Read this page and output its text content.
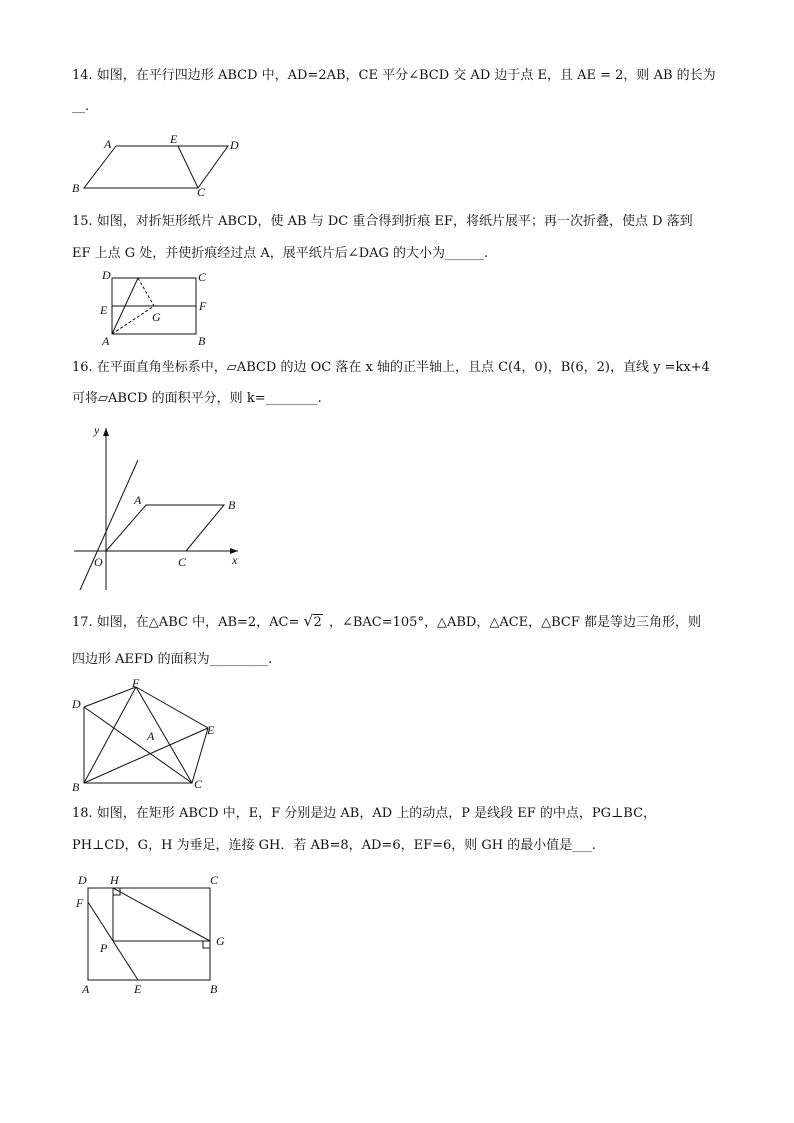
14. 如图，在平行四边形 ABCD 中，AD=2AB，CE 平分∠BCD 交 AD 边于点 E，且 AE = 2，则 AB 的长为
__.
A	E	D
B	C
15. 如图，对折矩形纸片 ABCD，使 AB 与 DC 重合得到折痕 EF，将纸片展平；再一次折叠，使点 D 落到
EF 上点 G 处，并使折痕经过点 A，展平纸片后∠DAG 的大小为______.
D	C
E	F
G
A	B
16. 在平面直角坐标系中，▱ABCD 的边 OC 落在 x 轴的正半轴上，且点 C(4，0)，B(6，2)，直线 y =kx+4
可将▱ABCD 的面积平分，则 k=________.
y
x
O
A	B
C
17. 如图，在△ABC 中，AB=2，AC= √ 2 ，∠BAC=105°，△ABD，△ACE，△BCF 都是等边三角形，则
四边形 AEFD 的面积为_________.
F
D
E
A
B	C
18. 如图，在矩形 ABCD 中，E，F 分别是边 AB，AD 上的动点，P 是线段 EF 的中点，PG⊥BC，
PH⊥CD，G，H 为垂足，连接 GH．若 AB=8，AD=6，EF=6，则 GH 的最小值是___.
D H	C
F
G
P
A	E	B
